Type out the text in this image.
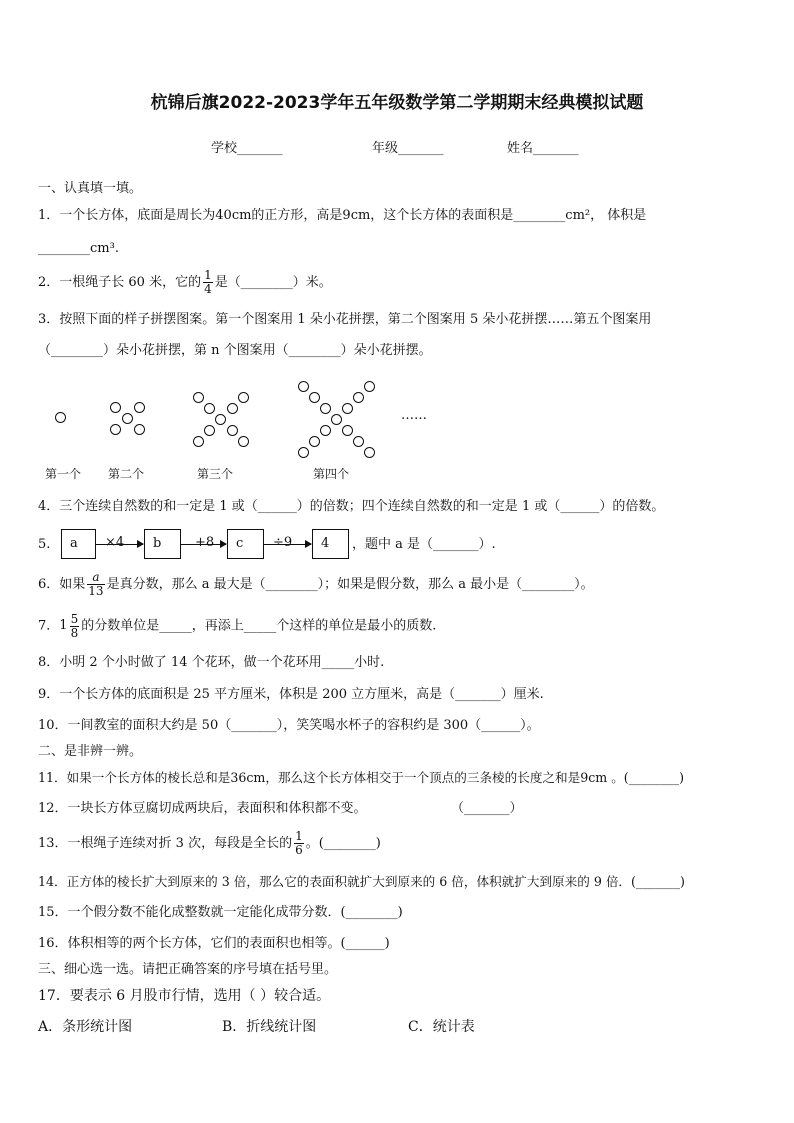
杭锦后旗2022-2023学年五年级数学第二学期期末经典模拟试题
学校_______	年级_______	姓名_______
一、认真填一填。
1．一个长方体，底面是周长为40cm的正方形，高是9cm，这个长方体的表面积是________cm²， 体积是
________cm³.
2．一根绳子长 60 米，它的 $\frac{1}{4}$ 是（________）米。
3．按照下面的样子拼摆图案。第一个图案用 1 朵小花拼摆，第二个图案用 5 朵小花拼摆……第五个图案用
（________）朵小花拼摆，第 n 个图案用（________）朵小花拼摆。
……
第一个 第二个	第三个	第四个
4．三个连续自然数的和一定是 1 或（______）的倍数；四个连续自然数的和一定是 1 或（______）的倍数。
5. a ×4 b	+8 c ÷9 4 ，题中 a 是（_______）.
6．如果 $\frac{a}{13}$ 是真分数，那么 a 最大是（________）；如果是假分数，那么 a 最小是（________）。
7．$1 \frac{5}{8}$ 的分数单位是_____，再添上_____个这样的单位是最小的质数.
8．小明 2 个小时做了 14 个花环，做一个花环用_____小时.
9．一个长方体的底面积是 25 平方厘米，体积是 200 立方厘米，高是（_______）厘米.
10．一间教室的面积大约是 50（_______），笑笑喝水杯子的容积约是 300（______）。
二、是非辨一辨。
11．如果一个长方体的棱长总和是36cm，那么这个长方体相交于一个顶点的三条棱的长度之和是9cm 。(________)
12．一块长方体豆腐切成两块后，表面积和体积都不变。	（_______）
13．一根绳子连续对折 3 次，每段是全长的 $\frac{1}{6}$ 。(________)
14．正方体的棱长扩大到原来的 3 倍，那么它的表面积就扩大到原来的 6 倍，体积就扩大到原来的 9 倍．(_______)
15．一个假分数不能化成整数就一定能化成带分数．(________)
16．体积相等的两个长方体，它们的表面积也相等。(______)
三、细心选一选。请把正确答案的序号填在括号里。
17．要表示 6 月股市行情，选用（ ）较合适。
A．条形统计图	B．折线统计图	C．统计表
